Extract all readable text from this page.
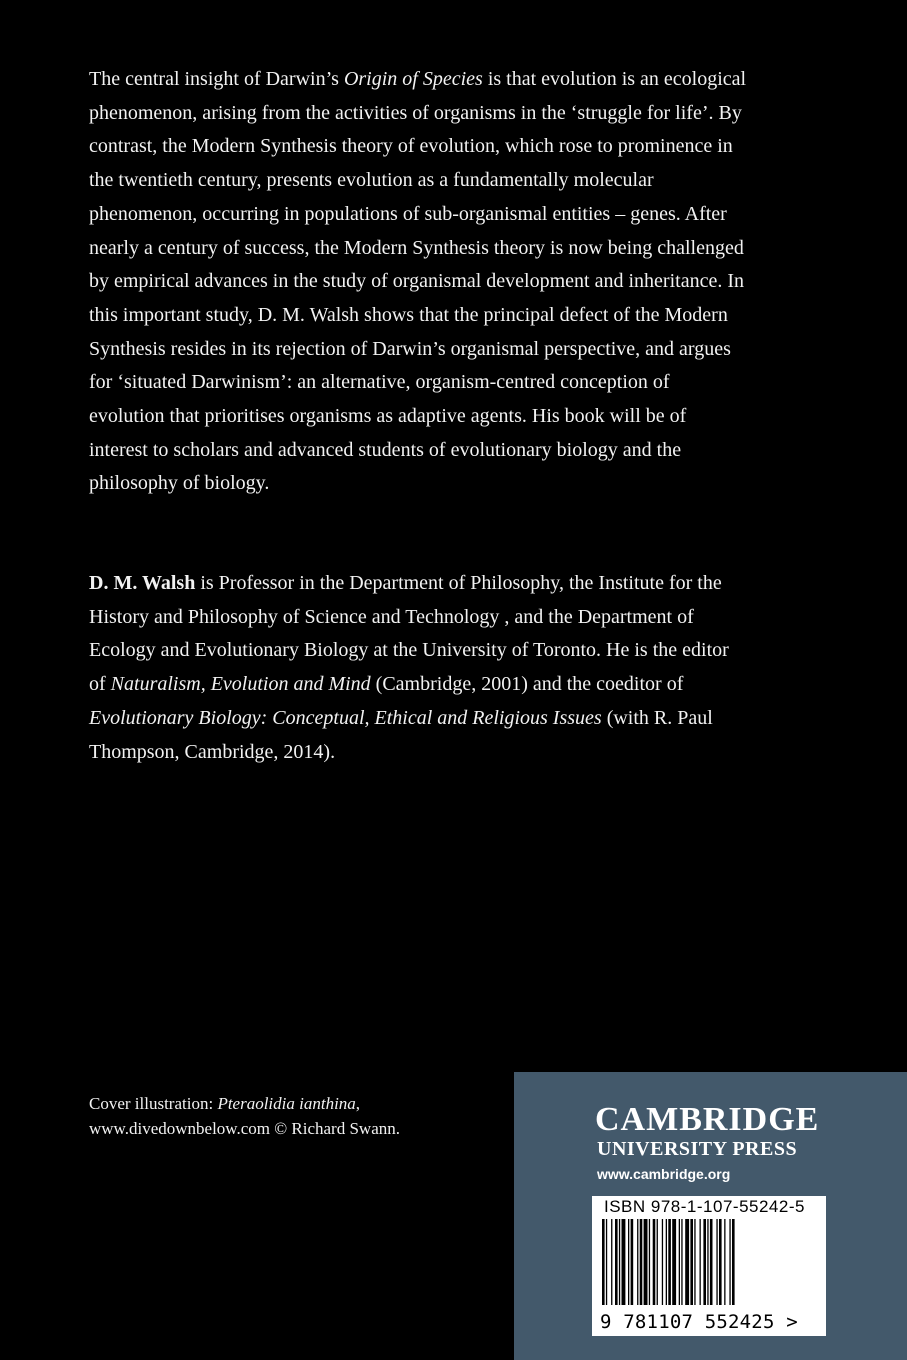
The central insight of Darwin’s Origin of Species is that evolution is an ecological phenomenon, arising from the activities of organisms in the ‘struggle for life’. By contrast, the Modern Synthesis theory of evolution, which rose to prominence in the twentieth century, presents evolution as a fundamentally molecular phenomenon, occurring in populations of sub-organismal entities – genes. After nearly a century of success, the Modern Synthesis theory is now being challenged by empirical advances in the study of organismal development and inheritance. In this important study, D. M. Walsh shows that the principal defect of the Modern Synthesis resides in its rejection of Darwin’s organismal perspective, and argues for ‘situated Darwinism’: an alternative, organism-centred conception of evolution that prioritises organisms as adaptive agents. His book will be of interest to scholars and advanced students of evolutionary biology and the philosophy of biology.

D. M. Walsh is Professor in the Department of Philosophy, the Institute for the History and Philosophy of Science and Technology , and the Department of Ecology and Evolutionary Biology at the University of Toronto. He is the editor of Naturalism, Evolution and Mind (Cambridge, 2001) and the coeditor of Evolutionary Biology: Conceptual, Ethical and Religious Issues (with R. Paul Thompson, Cambridge, 2014).

Cover illustration: Pteraolidia ianthina,
www.divedownbelow.com © Richard Swann.	CAMBRIDGE
UNIVERSITY PRESS
www.cambridge.org
ISBN 978-1-107-55242-5
9 781107 552425 >
